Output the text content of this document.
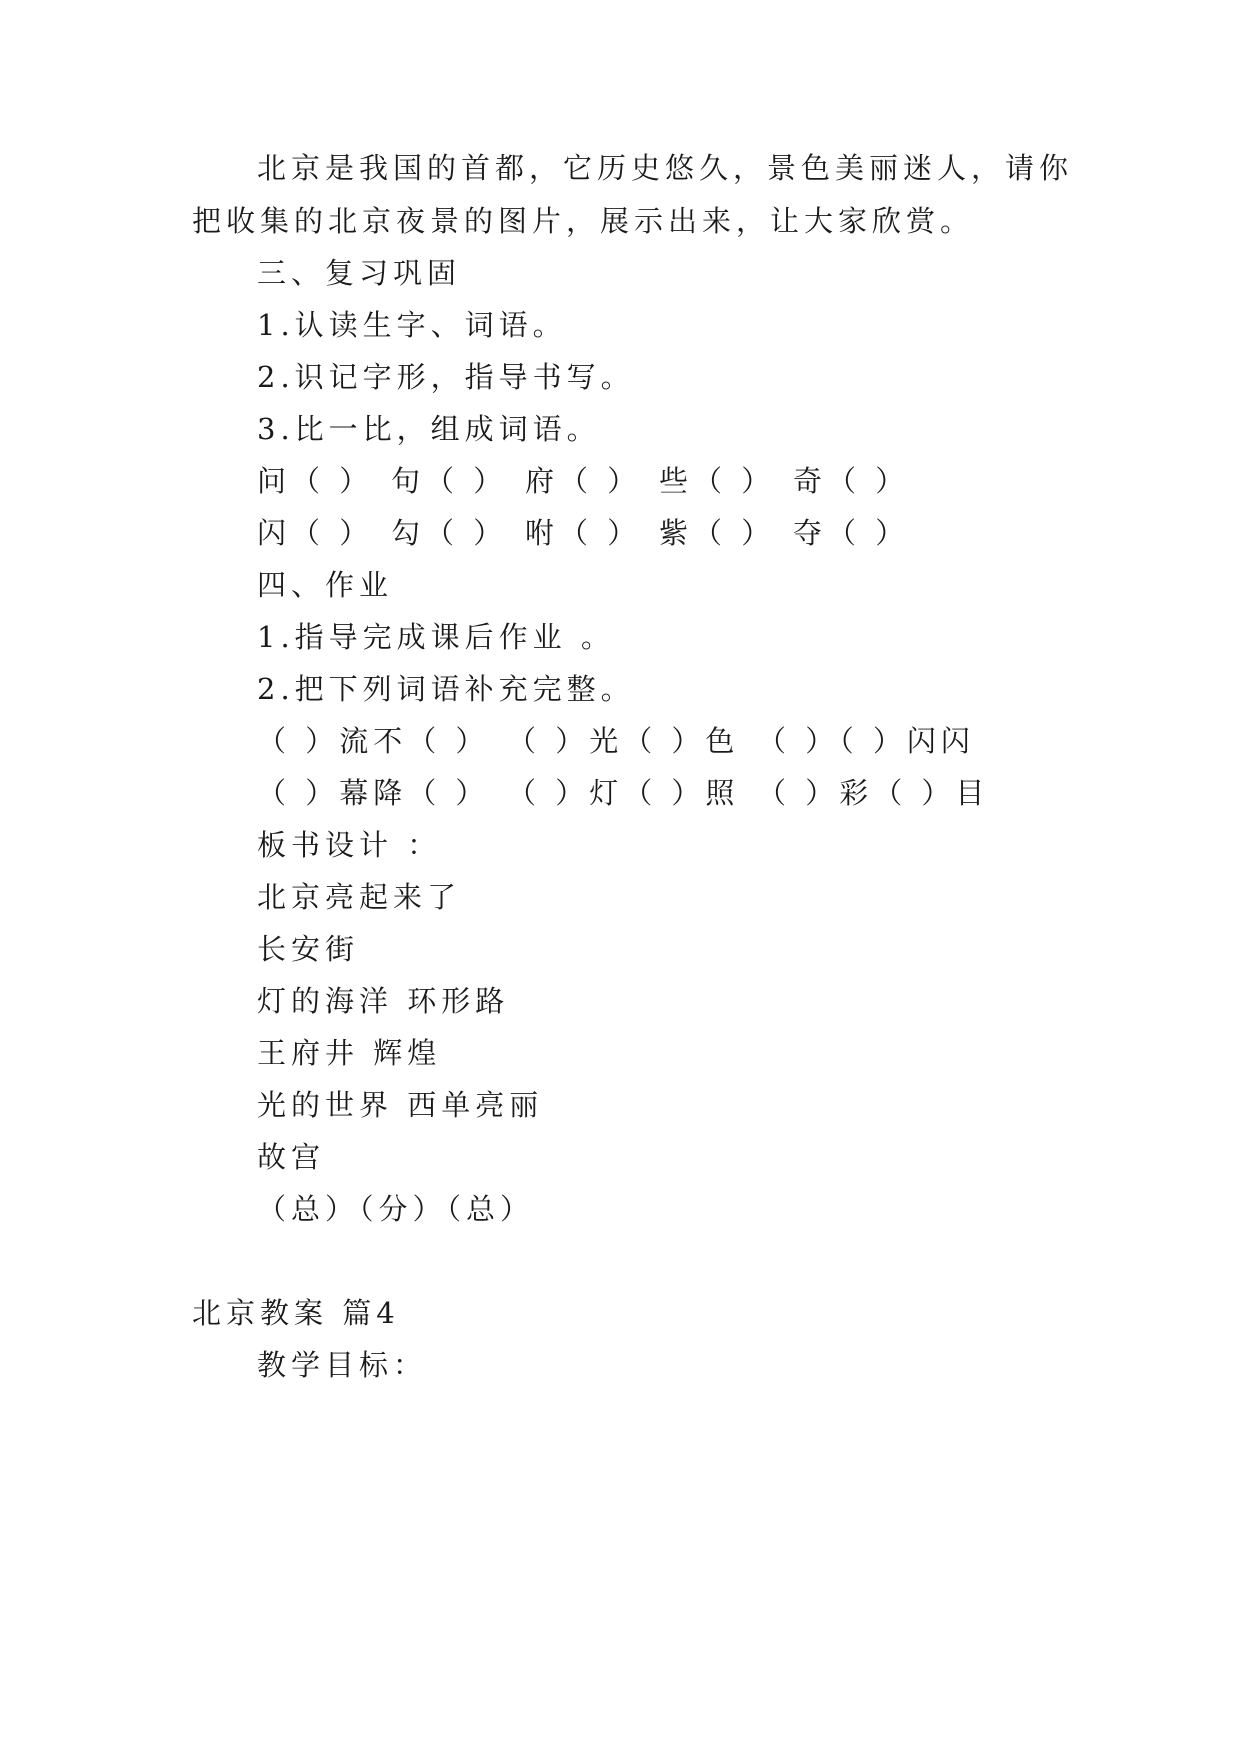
北京是我国的首都，它历史悠久，景色美丽迷人，请你
把收集的北京夜景的图片，展示出来，让大家欣赏。
三、复习巩固
1.认读生字、词语。
2.识记字形，指导书写。
3.比一比，组成词语。
问（ ） 句（ ） 府（ ） 些（ ） 奇（ ）
闪（ ） 勾（ ） 咐（ ） 紫（ ） 夺（ ）
四、作业
1.指导完成课后作业 。
2.把下列词语补充完整。
（ ）流不（ ） （ ）光（ ）色 （ ）（ ）闪闪
（ ）幕降（ ） （ ）灯（ ）照 （ ）彩（ ）目
板书设计 ：
北京亮起来了
长安街
灯的海洋 环形路
王府井 辉煌
光的世界 西单亮丽
故宫
（总）（分）（总）
北京教案 篇4
教学目标：
